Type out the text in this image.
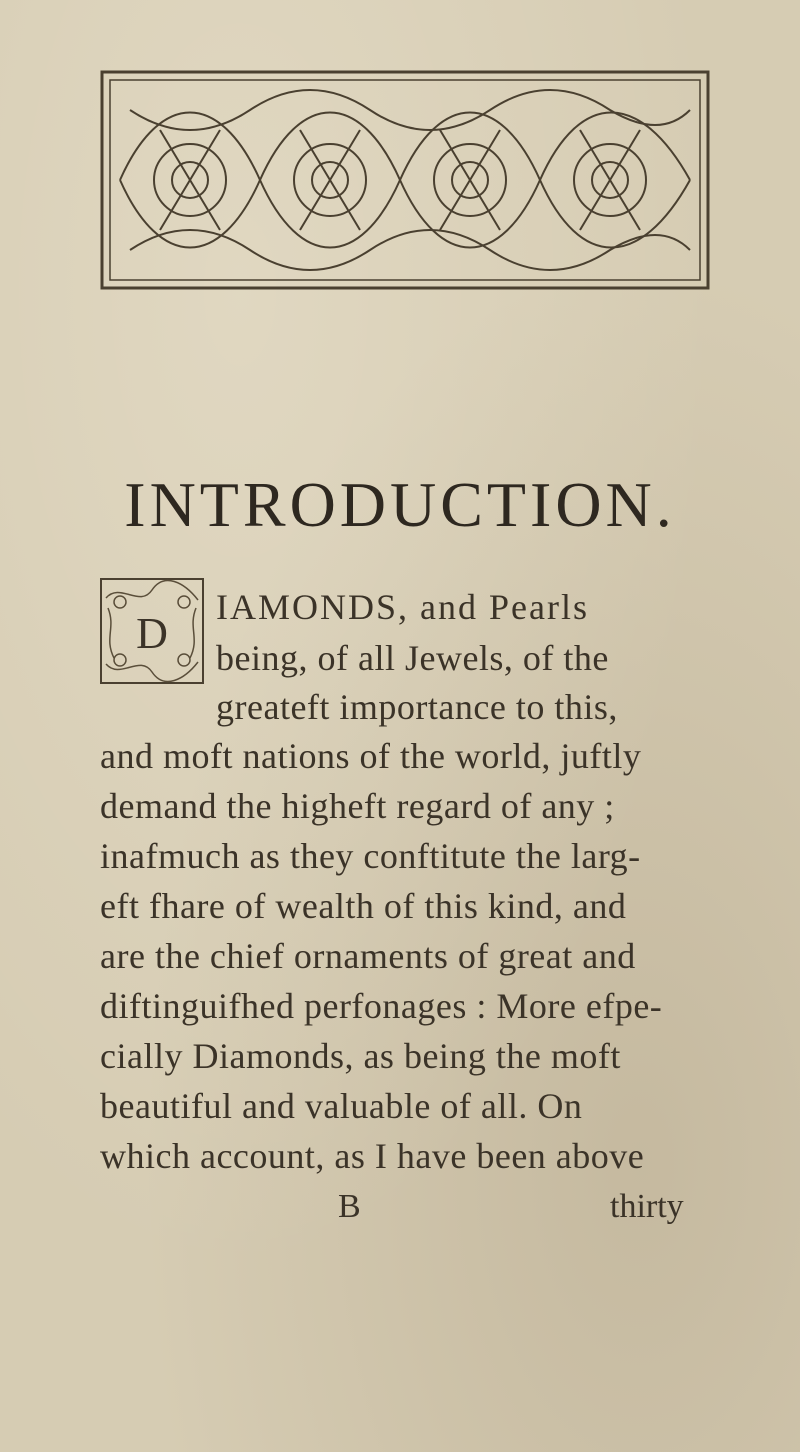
INTRODUCTION.
D
IAMONDS, and Pearls
being, of all Jewels, of the
greateft importance to this,
and moft nations of the world, juftly
demand the higheft regard of any ;
inafmuch as they conftitute the larg-
eft fhare of wealth of this kind, and
are the chief ornaments of great and
diftinguifhed perfonages : More efpe-
cially Diamonds, as being the moft
beautiful and valuable of all. On
which account, as I have been above
B	thirty
